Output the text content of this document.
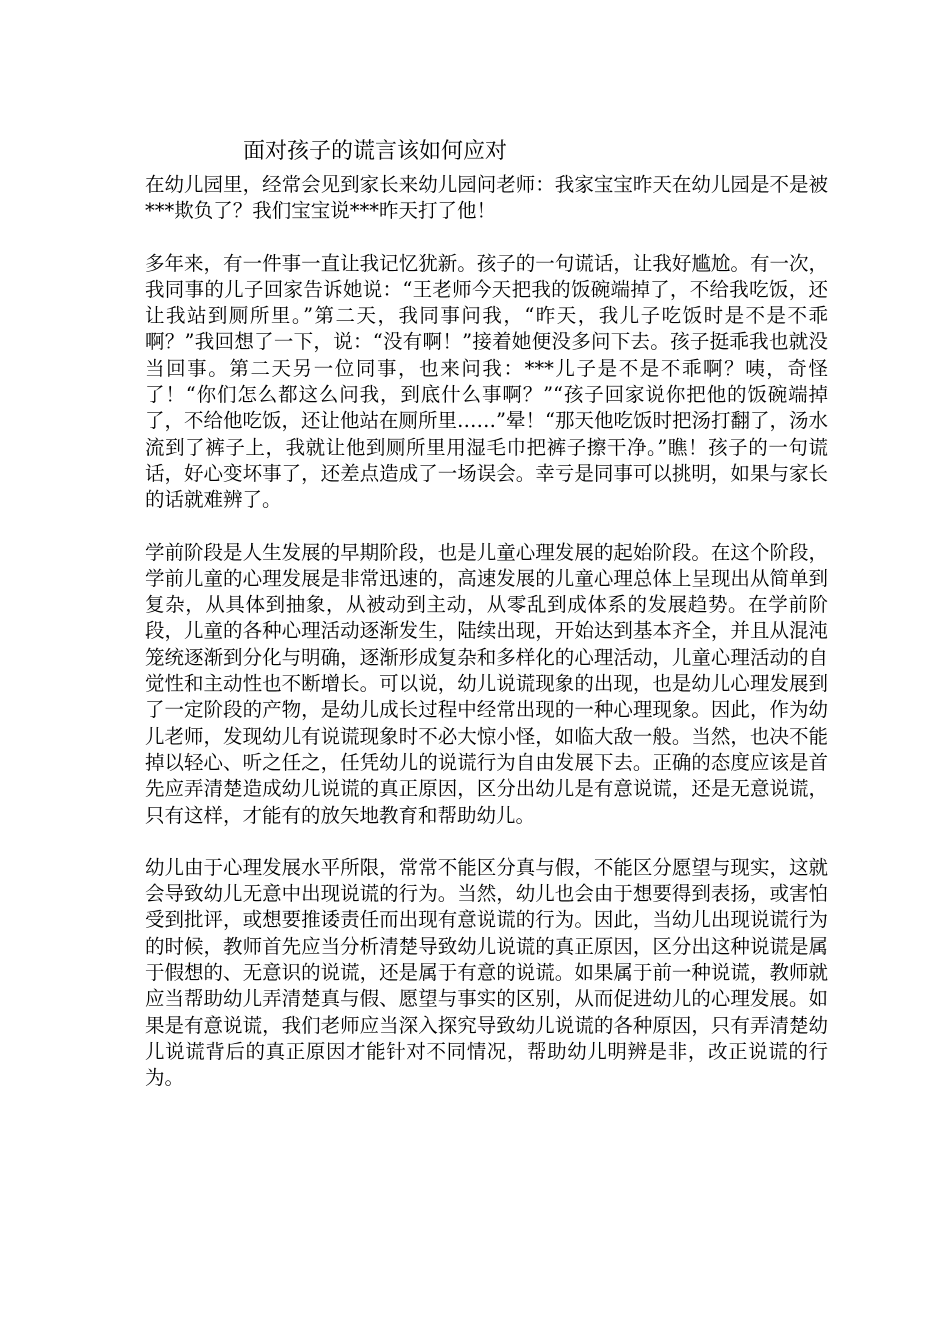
面对孩子的谎言该如何应对

在幼儿园里，经常会见到家长来幼儿园问老师：我家宝宝昨天在幼儿园是不是被***欺负了？我们宝宝说***昨天打了他！

多年来，有一件事一直让我记忆犹新。孩子的一句谎话，让我好尴尬。有一次，我同事的儿子回家告诉她说：“王老师今天把我的饭碗端掉了，不给我吃饭，还让我站到厕所里。”第二天，我同事问我，“昨天，我儿子吃饭时是不是不乖啊？”我回想了一下，说：“没有啊！”接着她便没多问下去。孩子挺乖我也就没当回事。第二天另一位同事，也来问我：***儿子是不是不乖啊？咦，奇怪了！“你们怎么都这么问我，到底什么事啊？”“孩子回家说你把他的饭碗端掉了，不给他吃饭，还让他站在厕所里……”晕！“那天他吃饭时把汤打翻了，汤水流到了裤子上，我就让他到厕所里用湿毛巾把裤子擦干净。”瞧！孩子的一句谎话，好心变坏事了，还差点造成了一场误会。幸亏是同事可以挑明，如果与家长的话就难辨了。

学前阶段是人生发展的早期阶段，也是儿童心理发展的起始阶段。在这个阶段，学前儿童的心理发展是非常迅速的，高速发展的儿童心理总体上呈现出从简单到复杂，从具体到抽象，从被动到主动，从零乱到成体系的发展趋势。在学前阶段，儿童的各种心理活动逐渐发生，陆续出现，开始达到基本齐全，并且从混沌笼统逐渐到分化与明确，逐渐形成复杂和多样化的心理活动，儿童心理活动的自觉性和主动性也不断增长。可以说，幼儿说谎现象的出现，也是幼儿心理发展到了一定阶段的产物，是幼儿成长过程中经常出现的一种心理现象。因此，作为幼儿老师，发现幼儿有说谎现象时不必大惊小怪，如临大敌一般。当然，也决不能掉以轻心、听之任之，任凭幼儿的说谎行为自由发展下去。正确的态度应该是首先应弄清楚造成幼儿说谎的真正原因，区分出幼儿是有意说谎，还是无意说谎，只有这样，才能有的放矢地教育和帮助幼儿。

幼儿由于心理发展水平所限，常常不能区分真与假，不能区分愿望与现实，这就会导致幼儿无意中出现说谎的行为。当然，幼儿也会由于想要得到表扬，或害怕受到批评，或想要推诿责任而出现有意说谎的行为。因此，当幼儿出现说谎行为的时候，教师首先应当分析清楚导致幼儿说谎的真正原因，区分出这种说谎是属于假想的、无意识的说谎，还是属于有意的说谎。如果属于前一种说谎，教师就应当帮助幼儿弄清楚真与假、愿望与事实的区别，从而促进幼儿的心理发展。如果是有意说谎，我们老师应当深入探究导致幼儿说谎的各种原因，只有弄清楚幼儿说谎背后的真正原因才能针对不同情况，帮助幼儿明辨是非，改正说谎的行为。
